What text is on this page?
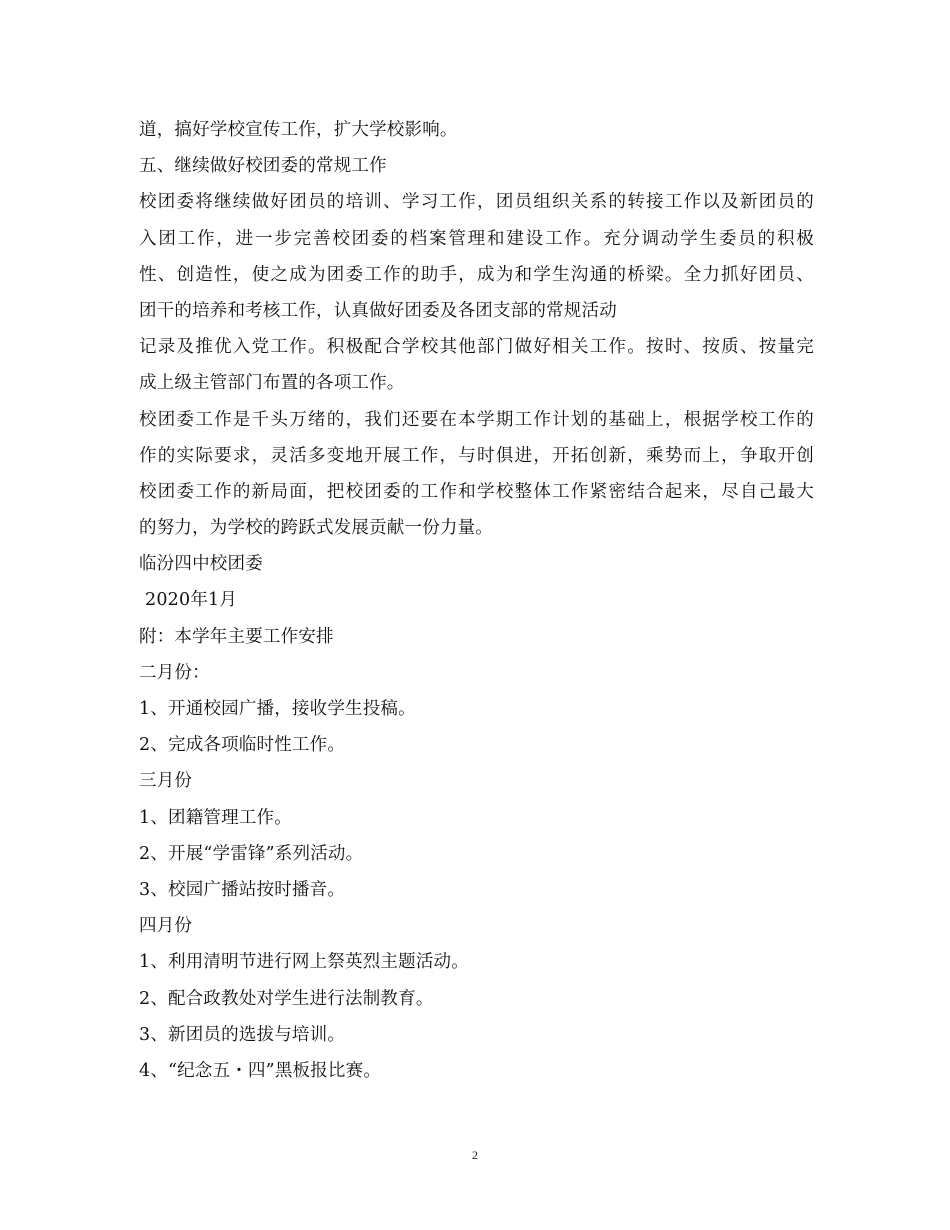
道，搞好学校宣传工作，扩大学校影响。
五、继续做好校团委的常规工作
校团委将继续做好团员的培训、学习工作，团员组织关系的转接工作以及新团员的
入团工作，进一步完善校团委的档案管理和建设工作。充分调动学生委员的积极
性、创造性，使之成为团委工作的助手，成为和学生沟通的桥梁。全力抓好团员、
团干的培养和考核工作，认真做好团委及各团支部的常规活动
记录及推优入党工作。积极配合学校其他部门做好相关工作。按时、按质、按量完
成上级主管部门布置的各项工作。
校团委工作是千头万绪的，我们还要在本学期工作计划的基础上，根据学校工作的
作的实际要求，灵活多变地开展工作，与时俱进，开拓创新，乘势而上，争取开创
校团委工作的新局面，把校团委的工作和学校整体工作紧密结合起来，尽自己最大
的努力，为学校的跨跃式发展贡献一份力量。
临汾四中校团委
2020年1月
附：本学年主要工作安排
二月份：
1、开通校园广播，接收学生投稿。
2、完成各项临时性工作。
三月份
1、团籍管理工作。
2、开展“学雷锋”系列活动。
3、校园广播站按时播音。
四月份
1、利用清明节进行网上祭英烈主题活动。
2、配合政教处对学生进行法制教育。
3、新团员的选拔与培训。
4、“纪念五・四”黑板报比赛。
2
